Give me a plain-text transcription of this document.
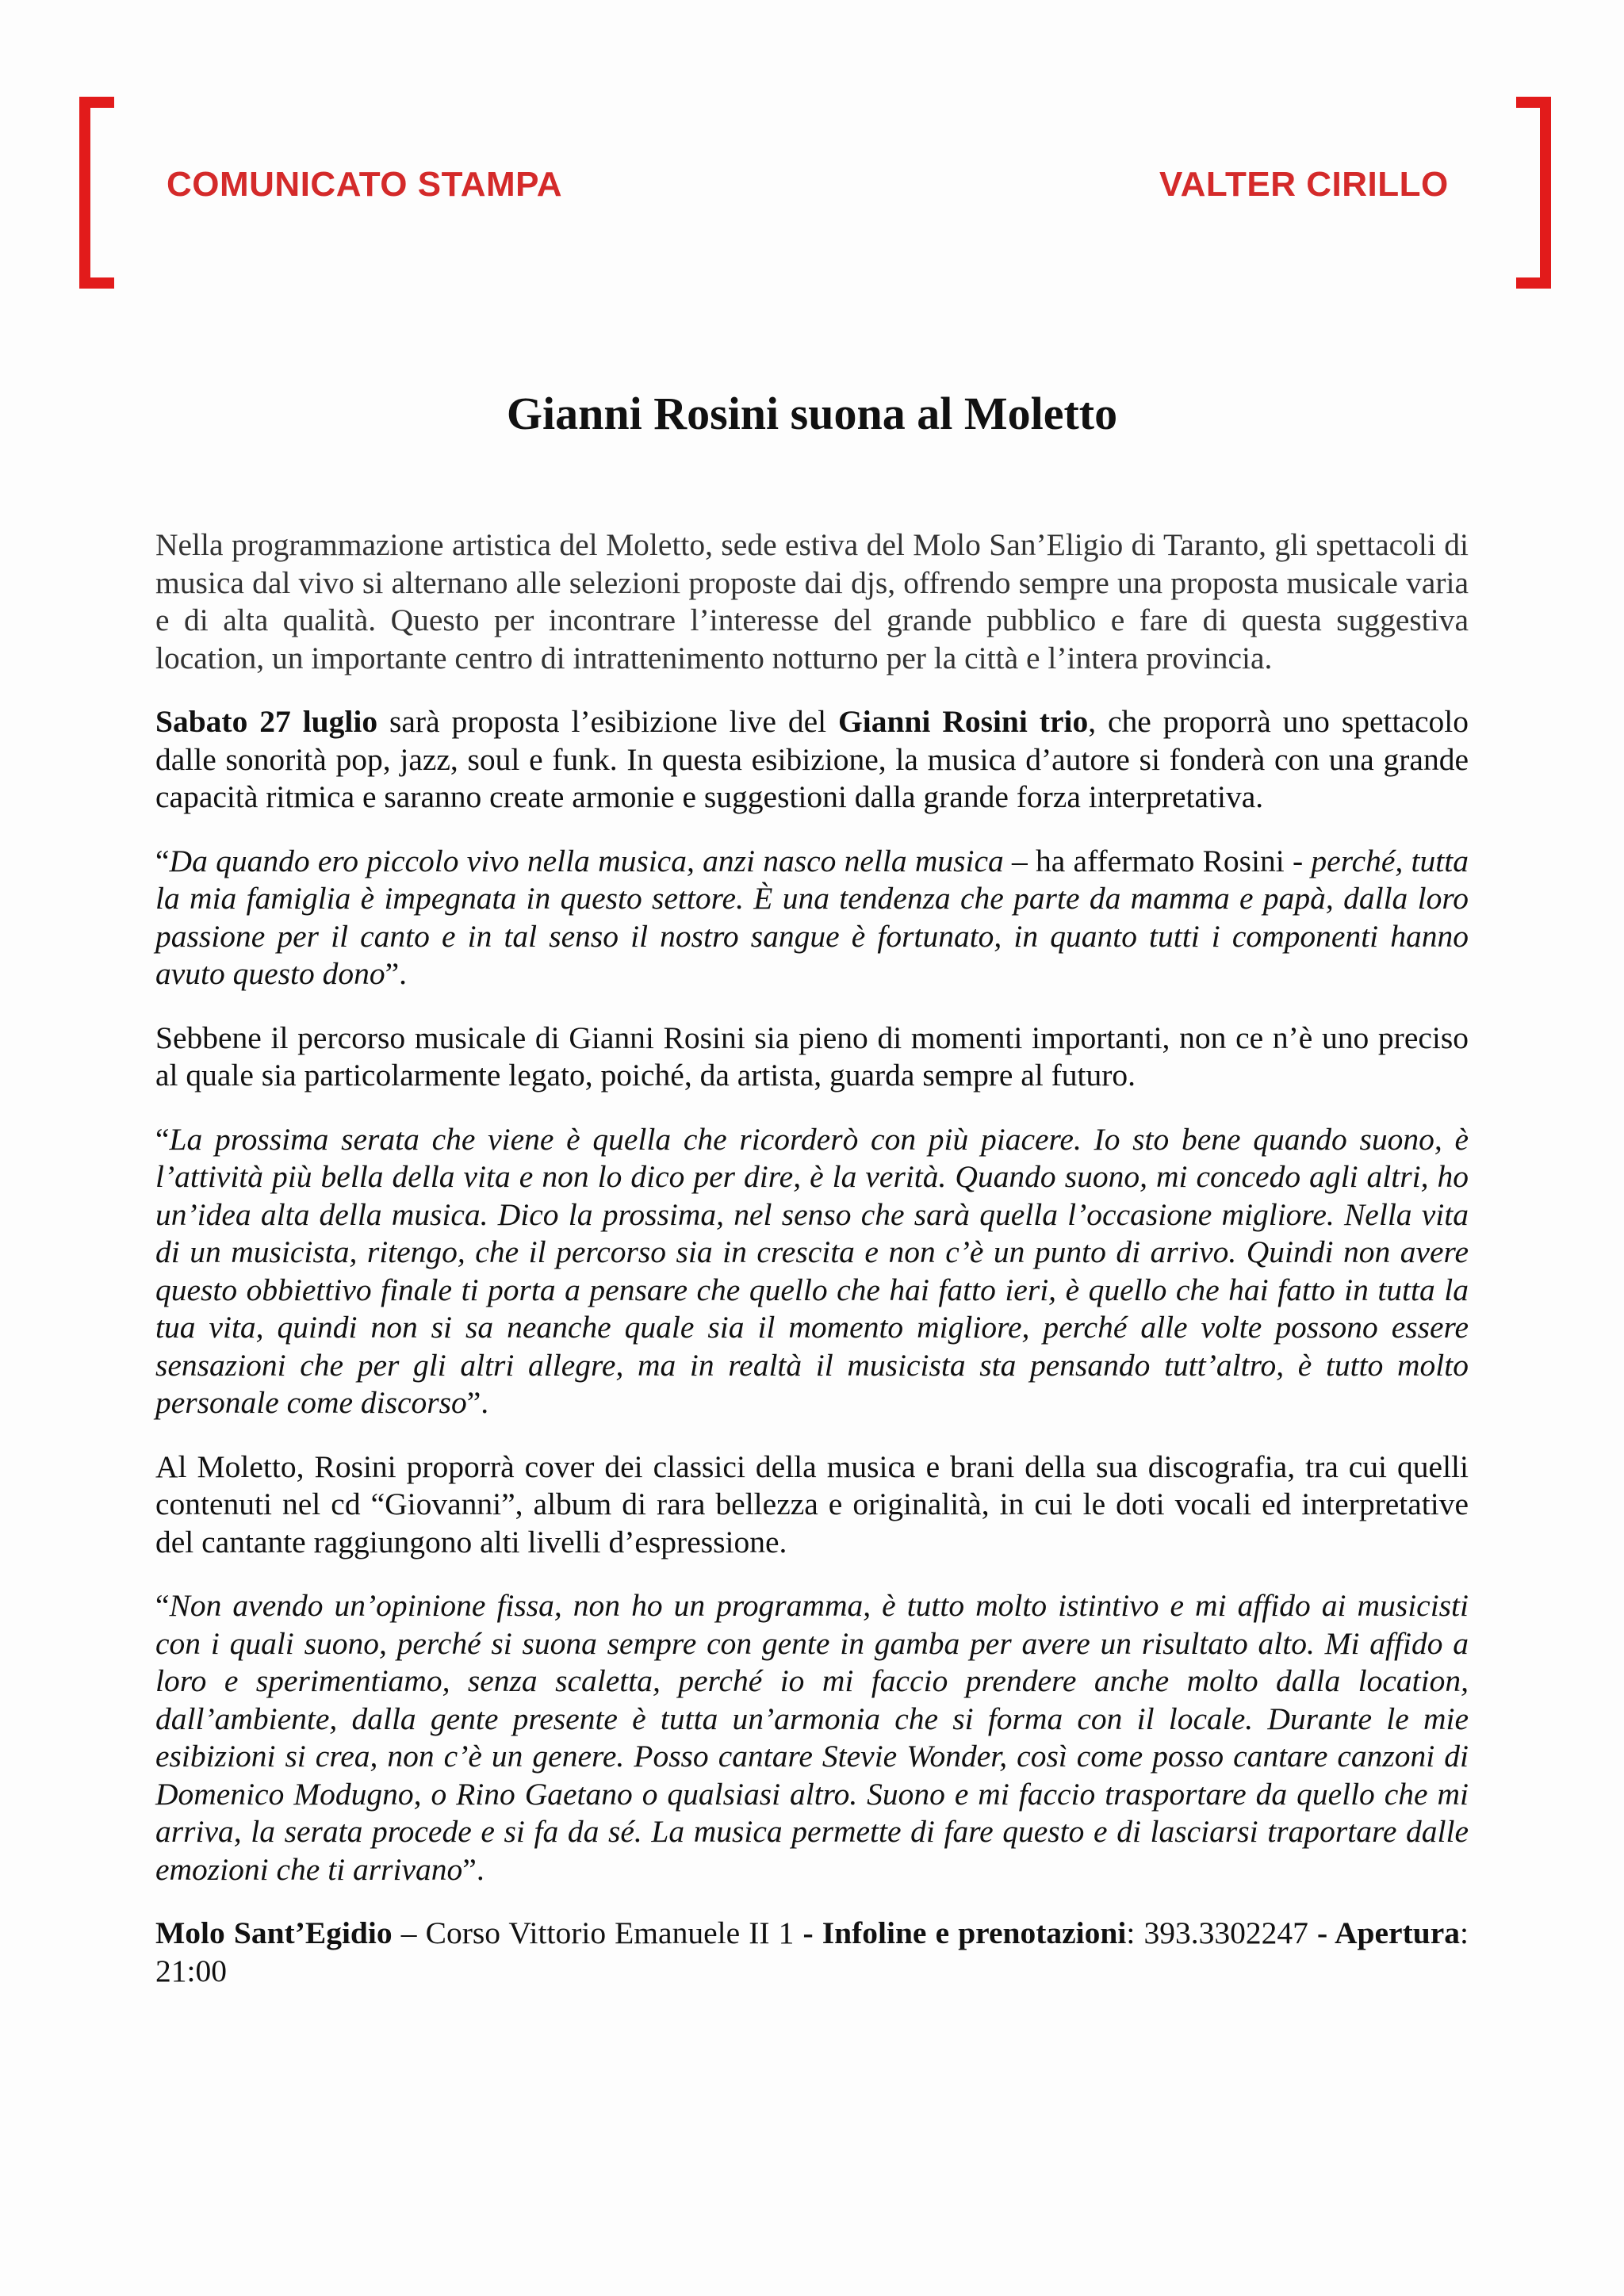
COMUNICATO STAMPA	VALTER CIRILLO
Gianni Rosini suona al Moletto

Nella programmazione artistica del Moletto, sede estiva del Molo San’Eligio di Taranto, gli spettacoli di musica dal vivo si alternano alle selezioni proposte dai djs, offrendo sempre una proposta musicale varia e di alta qualità. Questo per incontrare l’interesse del grande pubblico e fare di questa suggestiva location, un importante centro di intrattenimento notturno per la città e l’intera provincia.

Sabato 27 luglio sarà proposta l’esibizione live del Gianni Rosini trio, che proporrà uno spettacolo dalle sonorità pop, jazz, soul e funk. In questa esibizione, la musica d’autore si fonderà con una grande capacità ritmica e saranno create armonie e suggestioni dalla grande forza interpretativa.

“Da quando ero piccolo vivo nella musica, anzi nasco nella musica – ha affermato Rosini - perché, tutta la mia famiglia è impegnata in questo settore. È una tendenza che parte da mamma e papà, dalla loro passione per il canto e in tal senso il nostro sangue è fortunato, in quanto tutti i componenti hanno avuto questo dono”.

Sebbene il percorso musicale di Gianni Rosini sia pieno di momenti importanti, non ce n’è uno preciso al quale sia particolarmente legato, poiché, da artista, guarda sempre al futuro.

“La prossima serata che viene è quella che ricorderò con più piacere. Io sto bene quando suono, è l’attività più bella della vita e non lo dico per dire, è la verità. Quando suono, mi concedo agli altri, ho un’idea alta della musica. Dico la prossima, nel senso che sarà quella l’occasione migliore. Nella vita di un musicista, ritengo, che il percorso sia in crescita e non c’è un punto di arrivo. Quindi non avere questo obbiettivo finale ti porta a pensare che quello che hai fatto ieri, è quello che hai fatto in tutta la tua vita, quindi non si sa neanche quale sia il momento migliore, perché alle volte possono essere sensazioni che per gli altri allegre, ma in realtà il musicista sta pensando tutt’altro, è tutto molto personale come discorso”.

Al Moletto, Rosini proporrà cover dei classici della musica e brani della sua discografia, tra cui quelli contenuti nel cd “Giovanni”, album di rara bellezza e originalità, in cui le doti vocali ed interpretative del cantante raggiungono alti livelli d’espressione.

“Non avendo un’opinione fissa, non ho un programma, è tutto molto istintivo e mi affido ai musicisti con i quali suono, perché si suona sempre con gente in gamba per avere un risultato alto. Mi affido a loro e sperimentiamo, senza scaletta, perché io mi faccio prendere anche molto dalla location, dall’ambiente, dalla gente presente è tutta un’armonia che si forma con il locale. Durante le mie esibizioni si crea, non c’è un genere. Posso cantare Stevie Wonder, così come posso cantare canzoni di Domenico Modugno, o Rino Gaetano o qualsiasi altro. Suono e mi faccio trasportare da quello che mi arriva, la serata procede e si fa da sé. La musica permette di fare questo e di lasciarsi traportare dalle emozioni che ti arrivano”.

Molo Sant’Egidio – Corso Vittorio Emanuele II 1 - Infoline e prenotazioni: 393.3302247 - Apertura: 21:00
